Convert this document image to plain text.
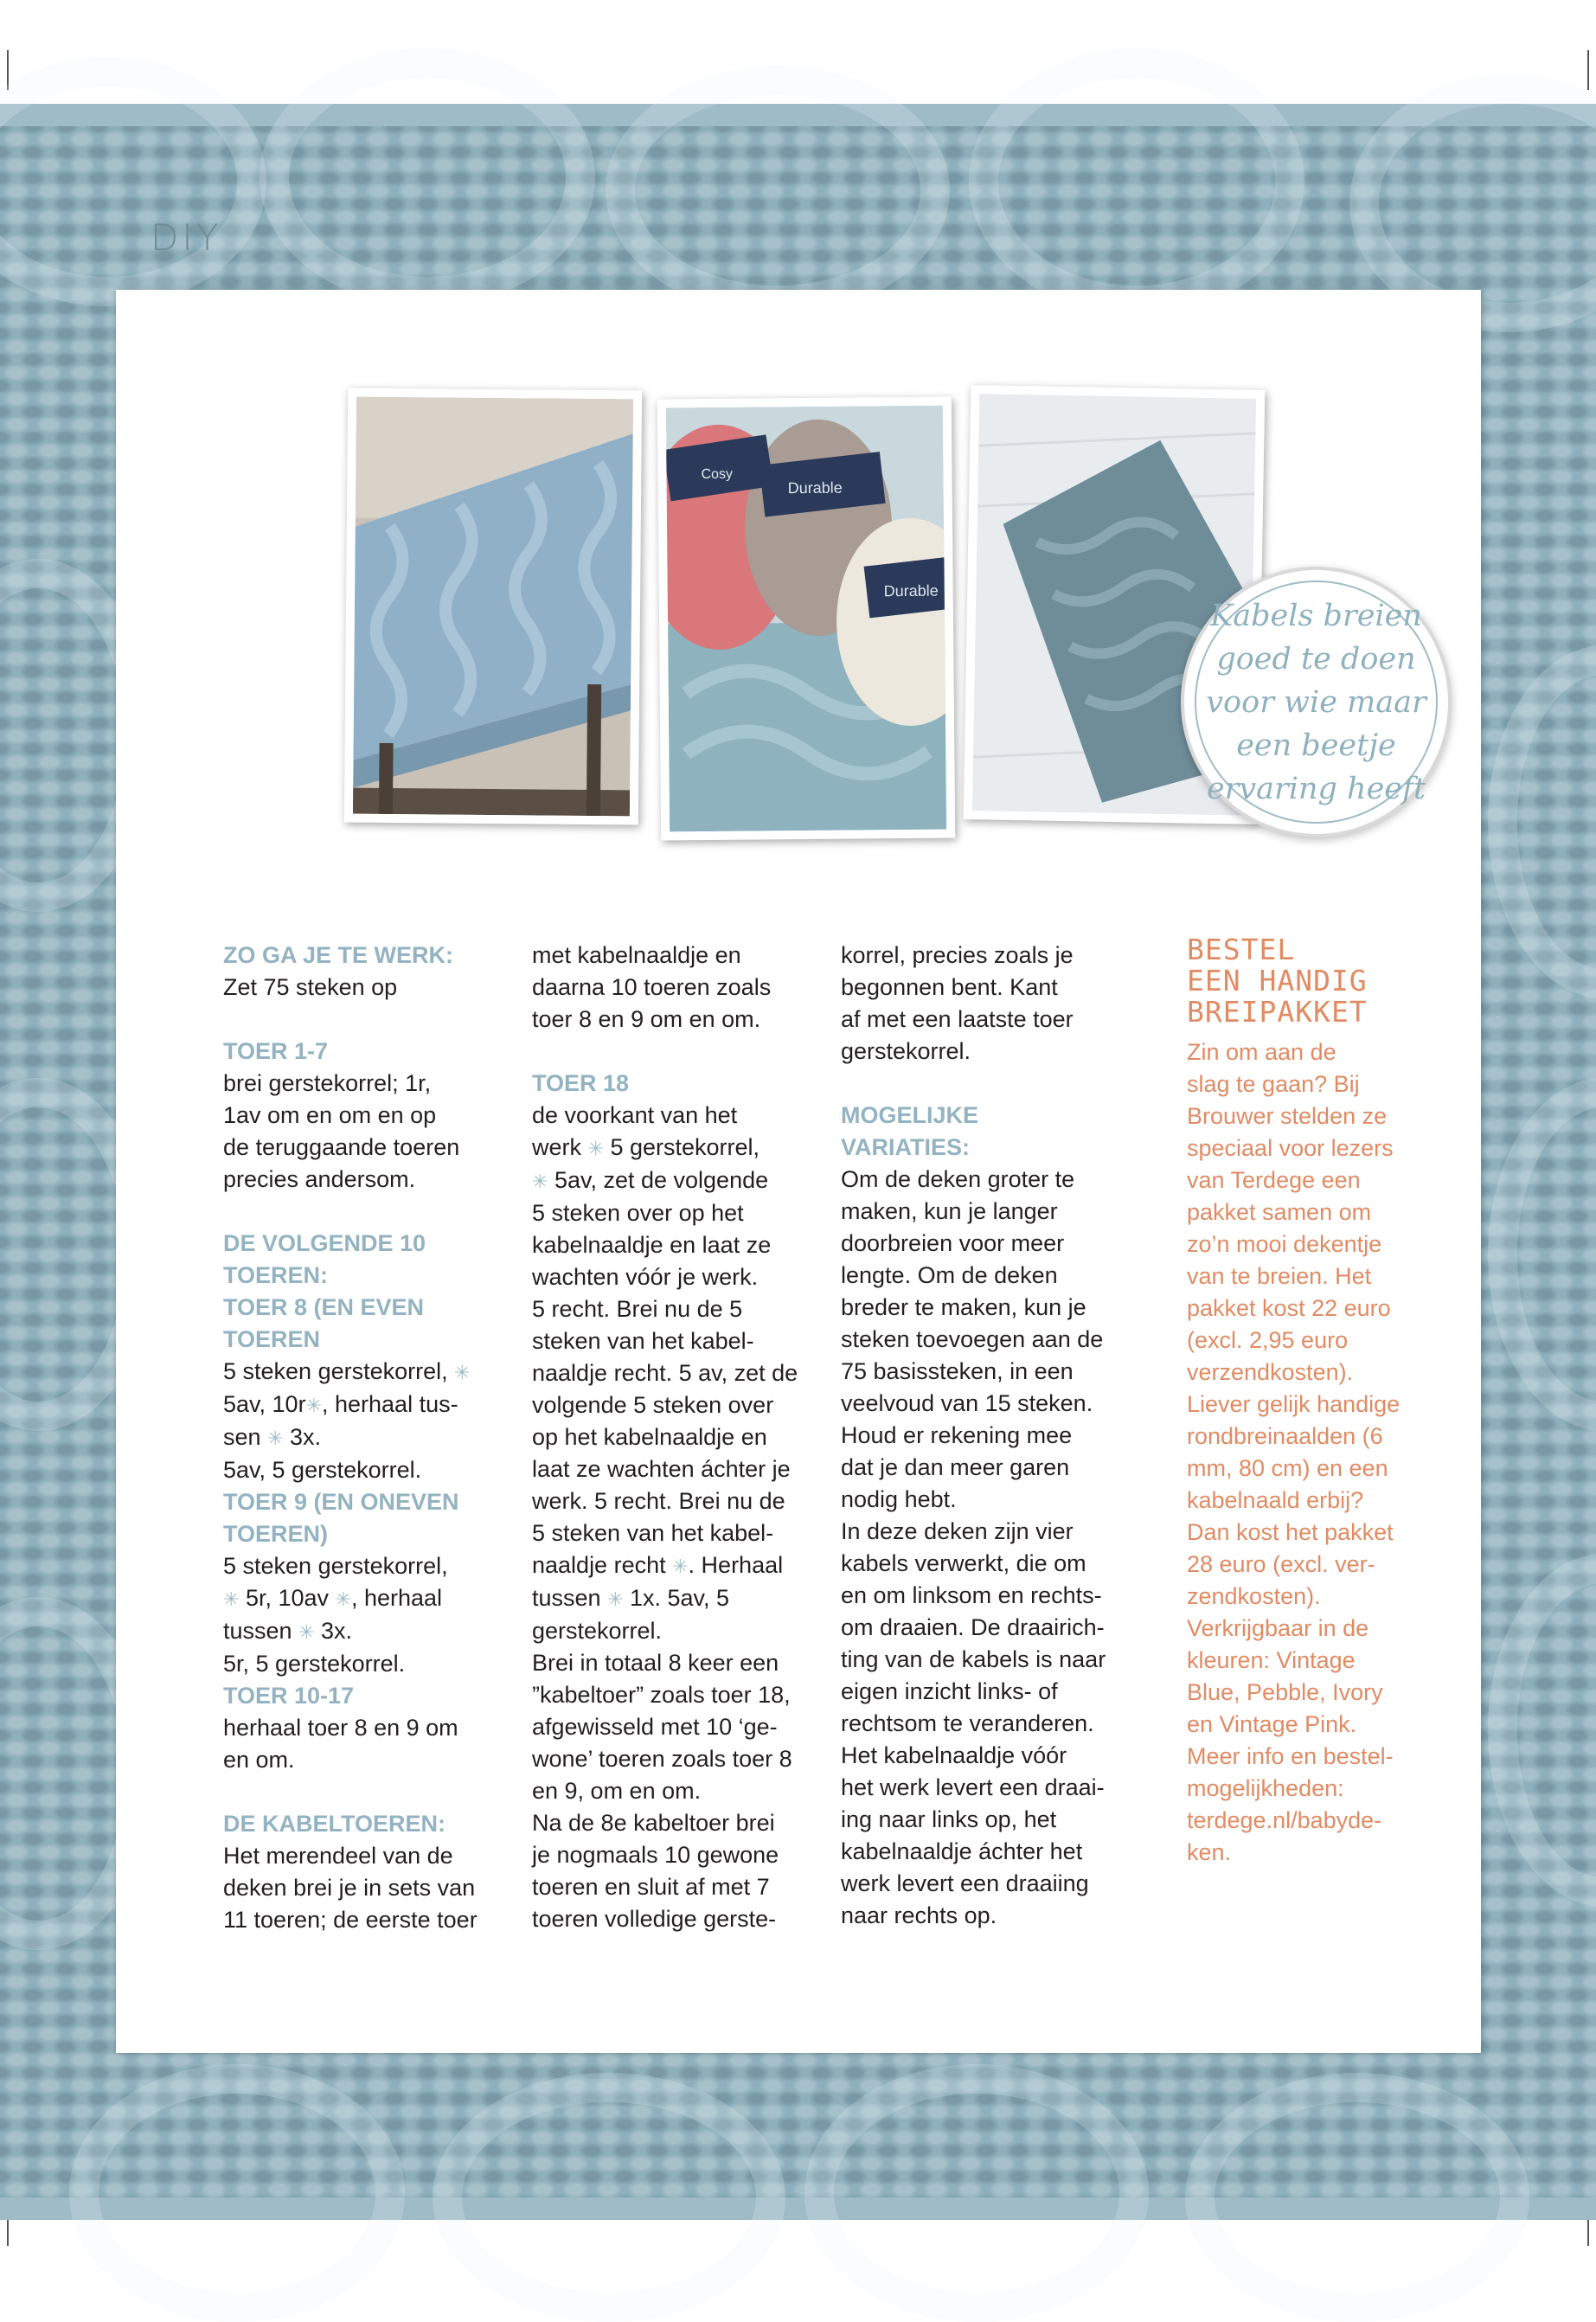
DIY
Cosy
Durable
Durable
Kabels breien goed te doen voor wie maar een beetje ervaring heeft
ZO GA JE TE WERK:
Zet 75 steken op
TOER 1-7
brei gerstekorrel; 1r,
1av om en om en op
de teruggaande toeren
precies andersom.
DE VOLGENDE 10
TOEREN:
TOER 8 (EN EVEN
TOEREN
5 steken gerstekorrel, ✳
5av, 10r✳, herhaal tus-
sen ✳ 3x.
5av, 5 gerstekorrel.
TOER 9 (EN ONEVEN
TOEREN)
5 steken gerstekorrel,
✳ 5r, 10av ✳, herhaal
tussen ✳ 3x.
5r, 5 gerstekorrel.
TOER 10-17
herhaal toer 8 en 9 om
en om.
DE KABELTOEREN:
Het merendeel van de
deken brei je in sets van
11 toeren; de eerste toer
met kabelnaaldje en
daarna 10 toeren zoals
toer 8 en 9 om en om.
TOER 18
de voorkant van het
werk ✳ 5 gerstekorrel,
✳ 5av, zet de volgende
5 steken over op het
kabelnaaldje en laat ze
wachten vóór je werk.
5 recht. Brei nu de 5
steken van het kabel-
naaldje recht. 5 av, zet de
volgende 5 steken over
op het kabelnaaldje en
laat ze wachten áchter je
werk. 5 recht. Brei nu de
5 steken van het kabel-
naaldje recht ✳. Herhaal
tussen ✳ 1x. 5av, 5
gerstekorrel.
Brei in totaal 8 keer een
”kabeltoer” zoals toer 18,
afgewisseld met 10 ‘ge-
wone’ toeren zoals toer 8
en 9, om en om.
Na de 8e kabeltoer brei
je nogmaals 10 gewone
toeren en sluit af met 7
toeren volledige gerste-
korrel, precies zoals je
begonnen bent. Kant
af met een laatste toer
gerstekorrel.
MOGELIJKE
VARIATIES:
Om de deken groter te
maken, kun je langer
doorbreien voor meer
lengte. Om de deken
breder te maken, kun je
steken toevoegen aan de
75 basissteken, in een
veelvoud van 15 steken.
Houd er rekening mee
dat je dan meer garen
nodig hebt.
In deze deken zijn vier
kabels verwerkt, die om
en om linksom en rechts-
om draaien. De draairich-
ting van de kabels is naar
eigen inzicht links- of
rechtsom te veranderen.
Het kabelnaaldje vóór
het werk levert een draai-
ing naar links op, het
kabelnaaldje áchter het
werk levert een draaiing
naar rechts op.
BESTEL
EEN HANDIG
BREIPAKKET
Zin om aan de
slag te gaan? Bij
Brouwer stelden ze
speciaal voor lezers
van Terdege een
pakket samen om
zo’n mooi dekentje
van te breien. Het
pakket kost 22 euro
(excl. 2,95 euro
verzendkosten).
Liever gelijk handige
rondbreinaalden (6
mm, 80 cm) en een
kabelnaald erbij?
Dan kost het pakket
28 euro (excl. ver-
zendkosten).
Verkrijgbaar in de
kleuren: Vintage
Blue, Pebble, Ivory
en Vintage Pink.
Meer info en bestel-
mogelijkheden:
terdege.nl/babyde-
ken.
